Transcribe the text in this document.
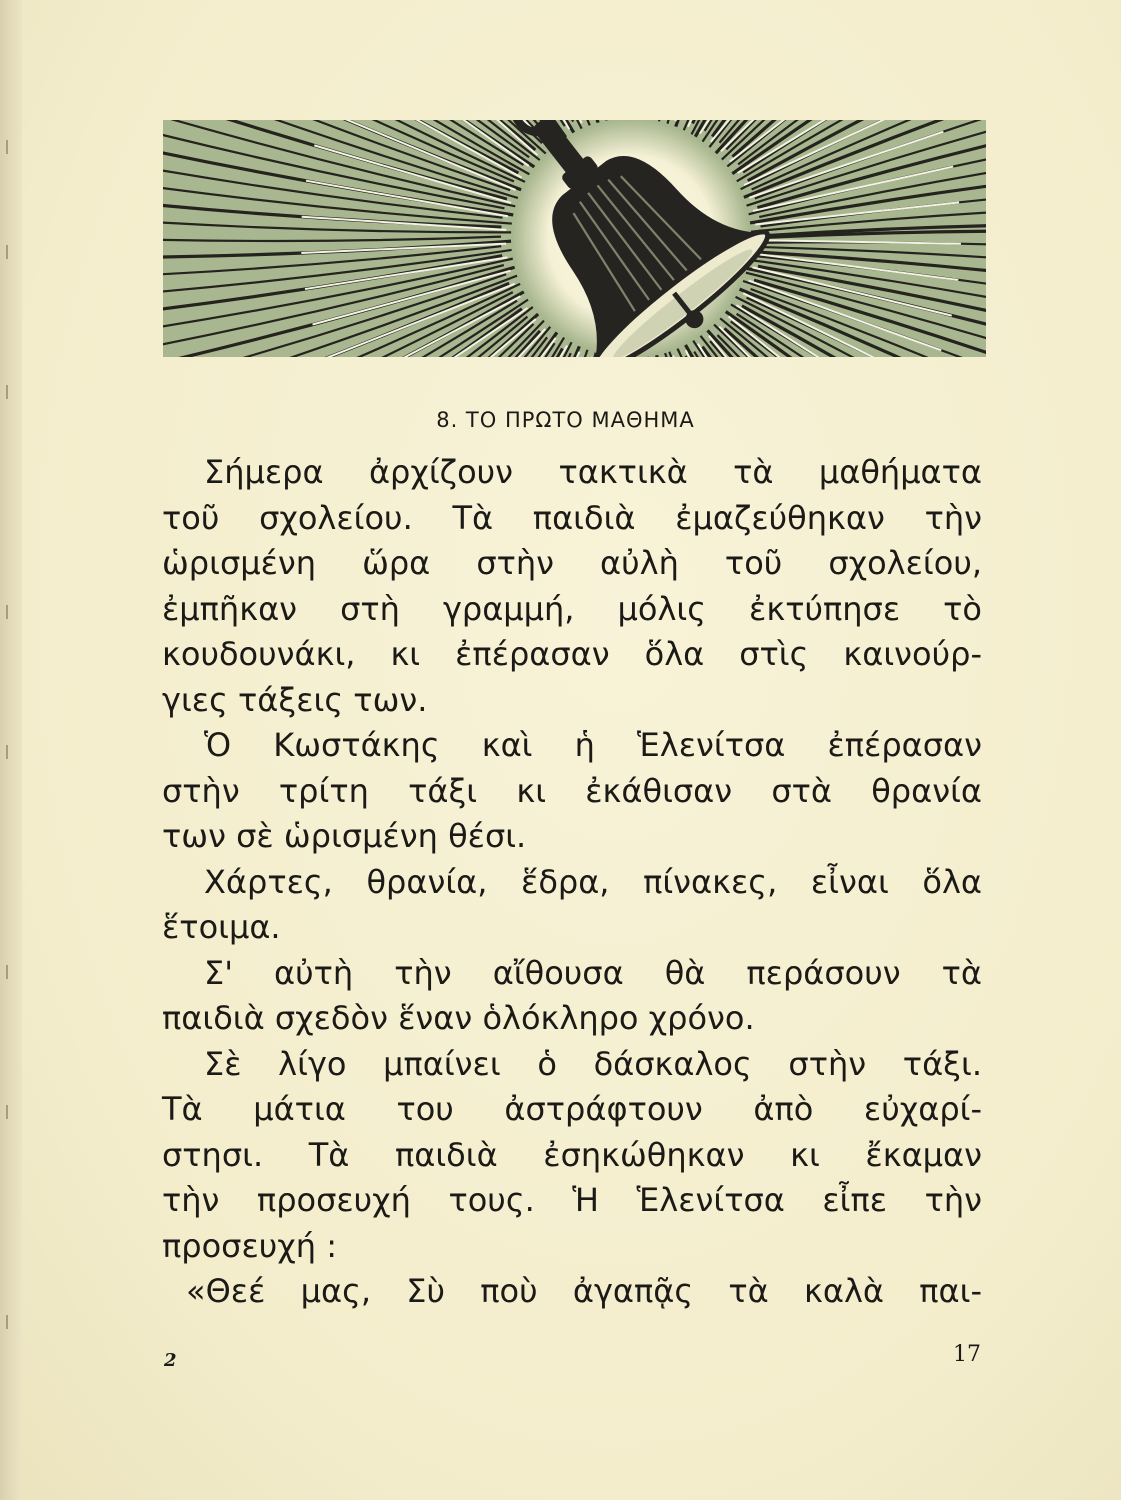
8. ΤΟ ΠΡΩΤΟ ΜΑΘΗΜΑ
Σήμερα ἀρχίζουν τακτικὰ τὰ μαθήματα
τοῦ σχολείου. Τὰ παιδιὰ ἐμαζεύθηκαν τὴν
ὡρισμένη ὥρα στὴν αὐλὴ τοῦ σχολείου,
ἐμπῆκαν στὴ γραμμή, μόλις ἐκτύπησε τὸ
κουδουνάκι, κι ἐπέρασαν ὅλα στὶς καινούρ-
γιες τάξεις των.
Ὁ Κωστάκης καὶ ἡ Ἑλενίτσα ἐπέρασαν
στὴν τρίτη τάξι κι ἐκάθισαν στὰ θρανία
των σὲ ὡρισμένη θέσι.
Χάρτες, θρανία, ἕδρα, πίνακες, εἶναι ὅλα
ἕτοιμα.
Σ' αὐτὴ τὴν αἴθουσα θὰ περάσουν τὰ
παιδιὰ σχεδὸν ἕναν ὁλόκληρο χρόνο.
Σὲ λίγο μπαίνει ὁ δάσκαλος στὴν τάξι.
Τὰ μάτια του ἀστράφτουν ἀπὸ εὐχαρί-
στησι. Τὰ παιδιὰ ἐσηκώθηκαν κι ἔκαμαν
τὴν προσευχή τους. Ἡ Ἑλενίτσα εἶπε τὴν
προσευχή :
«Θεέ μας, Σὺ ποὺ ἀγαπᾷς τὰ καλὰ παι-
2	17
